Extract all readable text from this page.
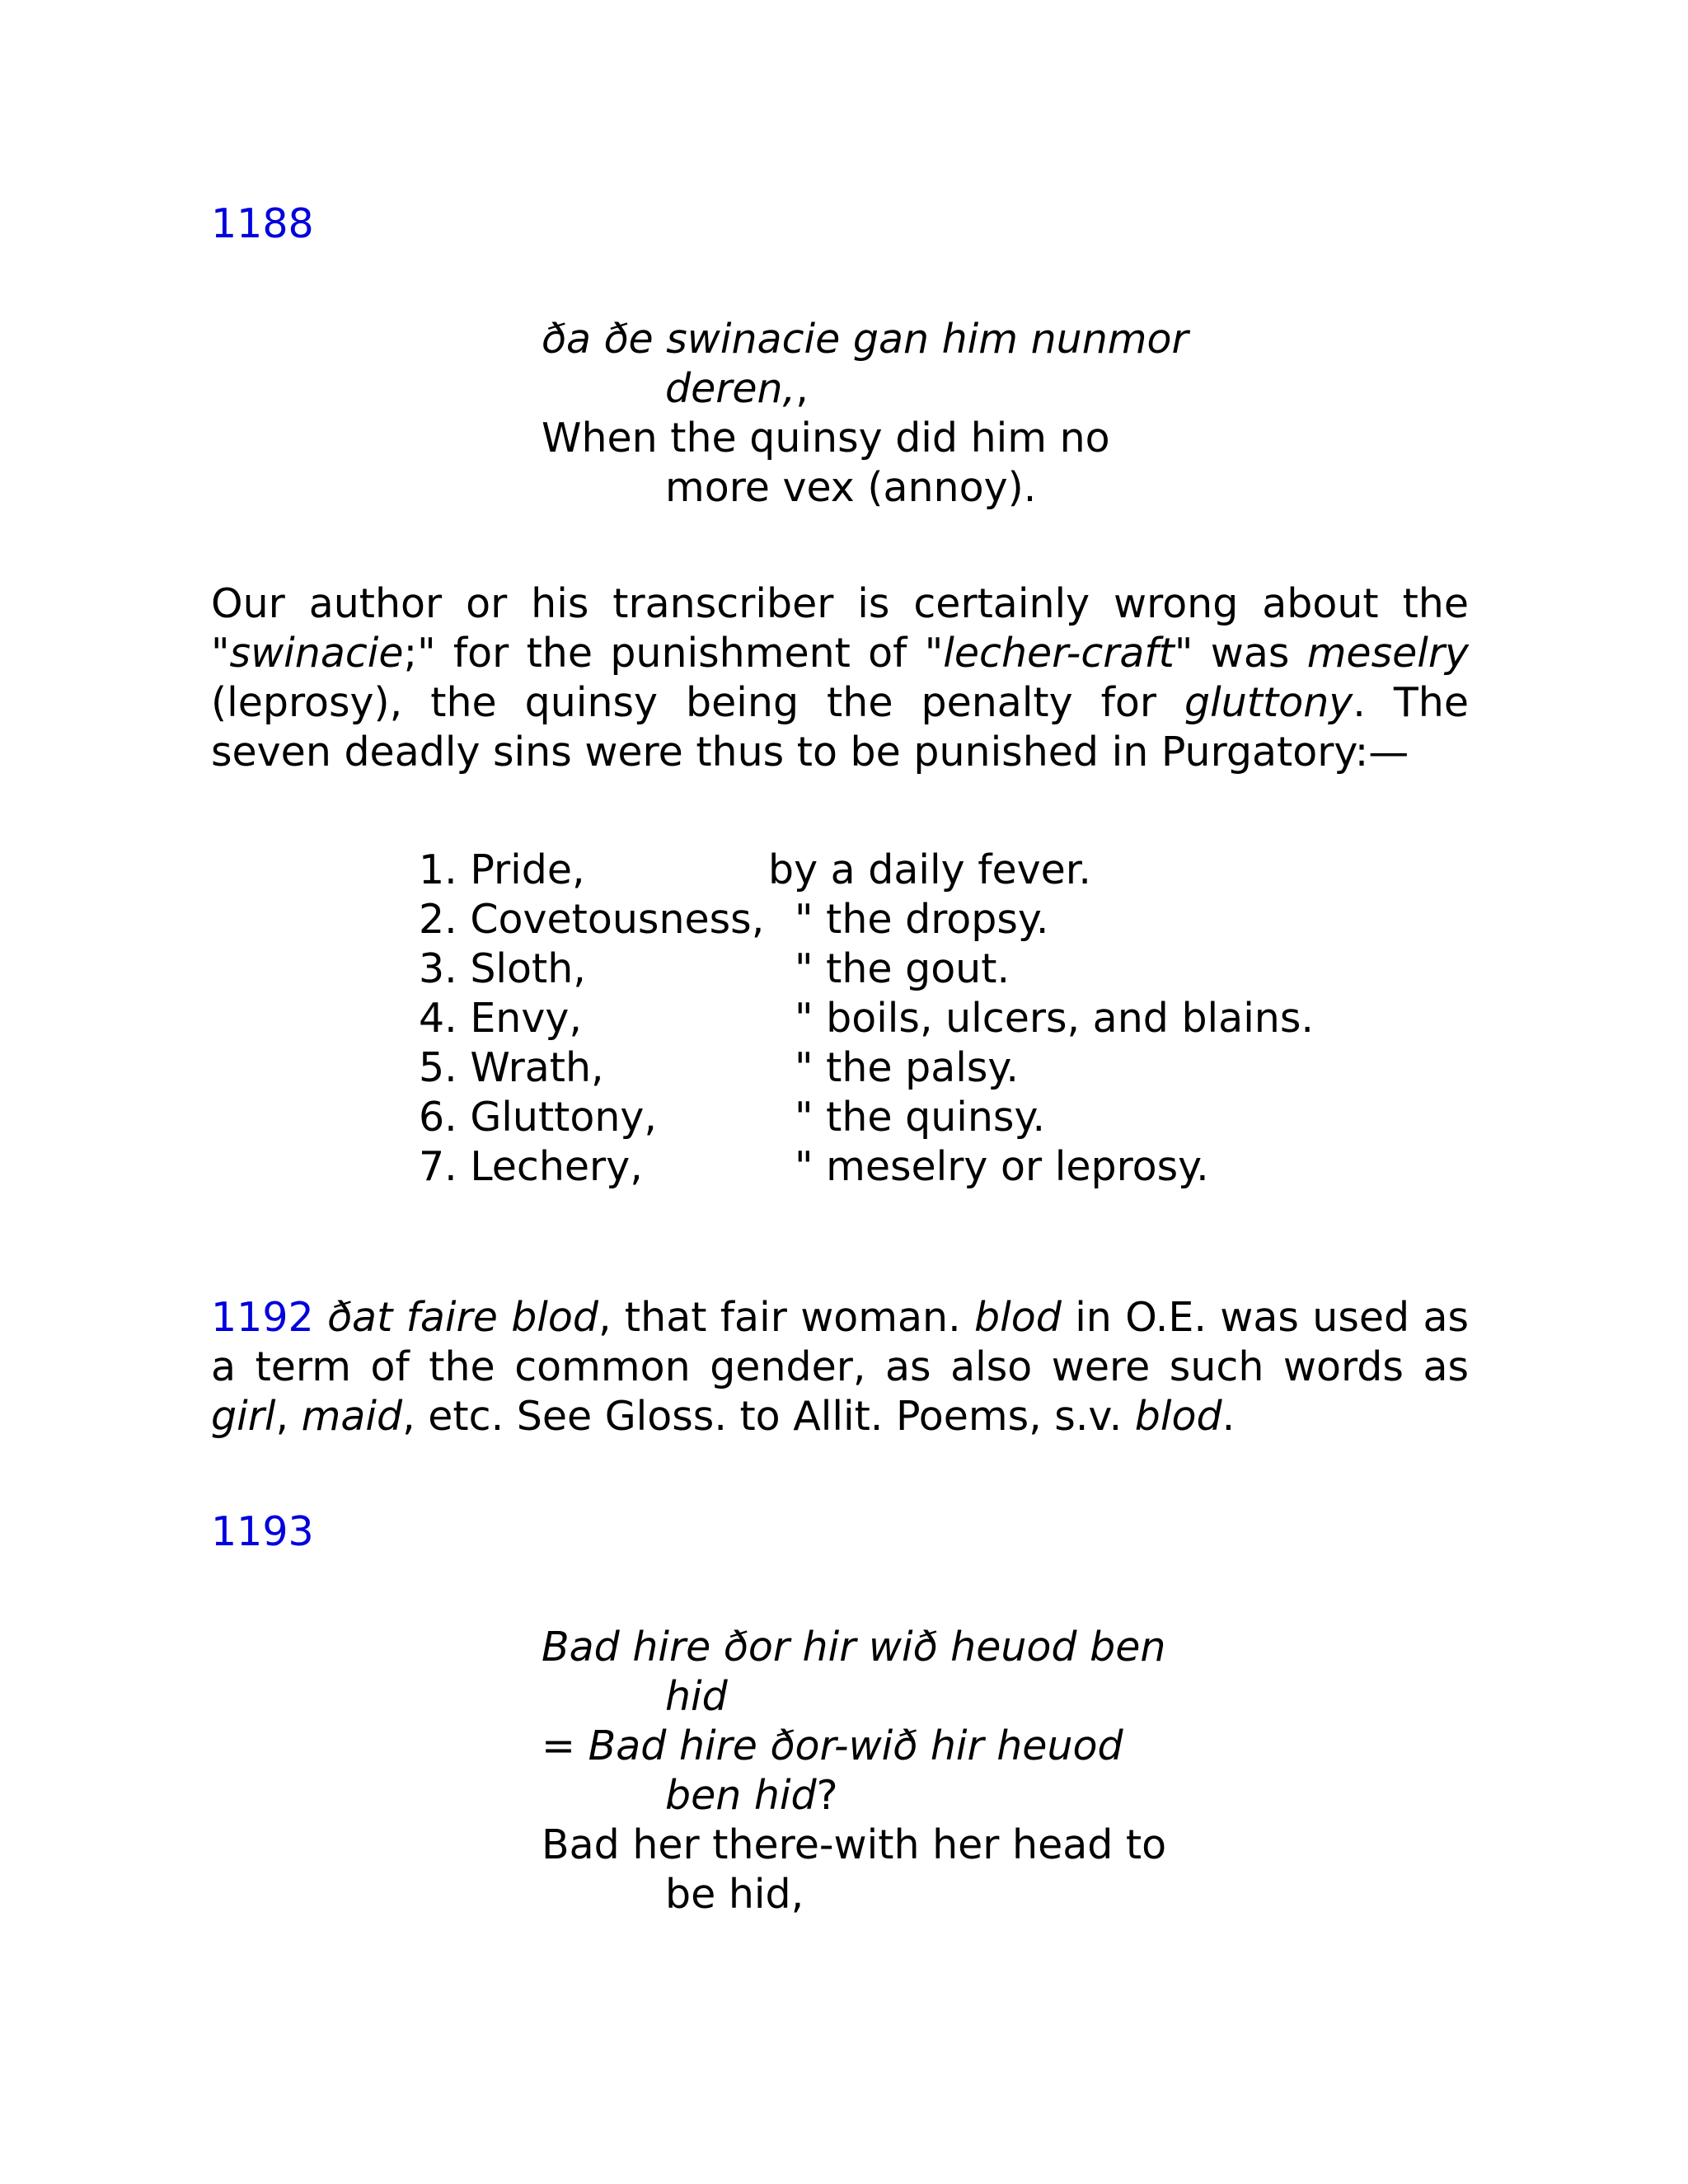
1188
ða ðe swinacie gan him nunmor
deren,,
When the quinsy did him no
more vex (annoy).

Our author or his transcriber is certainly wrong about the "swinacie;" for the punishment of "lecher-craft" was meselry (leprosy), the quinsy being the penalty for gluttony. The seven deadly sins were thus to be punished in Purgatory:—

1. Pride,	by a daily fever.
2. Covetousness, " the dropsy.
3. Sloth,	" the gout.
4. Envy,	" boils, ulcers, and blains.
5. Wrath,	" the palsy.
6. Gluttony,	" the quinsy.
7. Lechery,	" meselry or leprosy.

1192 ðat faire blod, that fair woman. blod in O.E. was used as a term of the common gender, as also were such words as girl, maid, etc. See Gloss. to Allit. Poems, s.v. blod.

1193
Bad hire ðor hir wið heuod ben
hid
= Bad hire ðor-wið hir heuod
ben hid?
Bad her there-with her head to
be hid,
